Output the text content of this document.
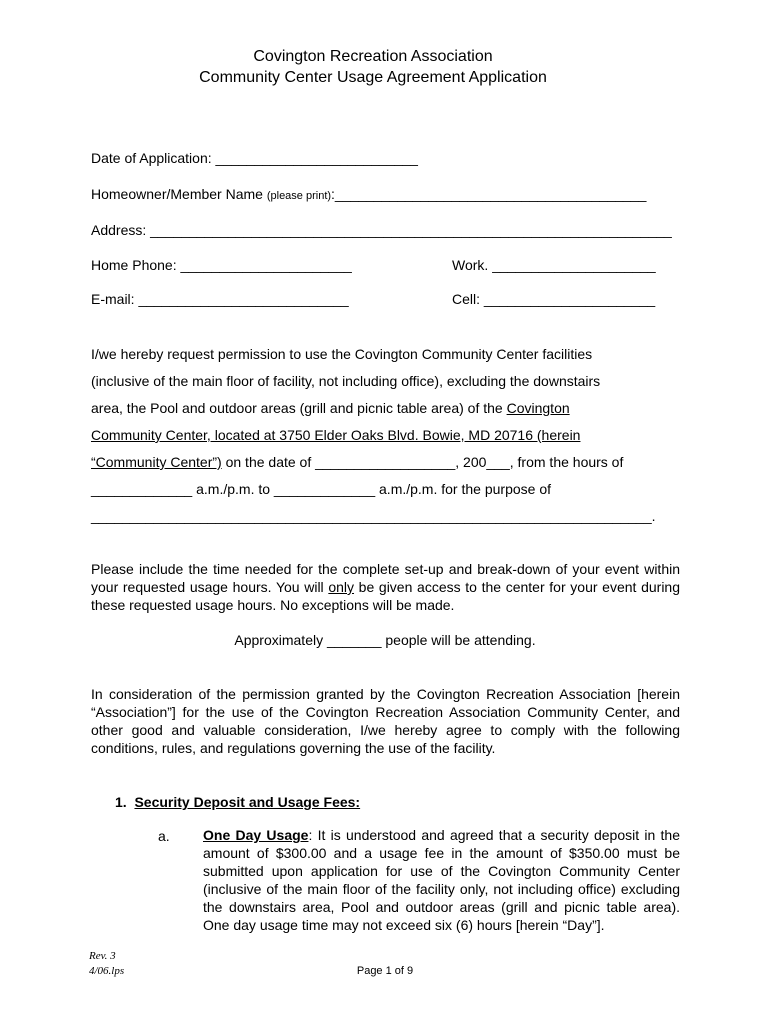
Covington Recreation Association
Community Center Usage Agreement Application
Date of Application: __________________________
Homeowner/Member Name (please print):________________________________________
Address: ___________________________________________________________________
Home Phone: ______________________	Work. _____________________
E-mail: ___________________________	Cell: ______________________
I/we hereby request permission to use the Covington Community Center facilities
(inclusive of the main floor of facility, not including office), excluding the downstairs
area, the Pool and outdoor areas (grill and picnic table area) of the Covington
Community Center, located at 3750 Elder Oaks Blvd. Bowie, MD 20716 (herein
“Community Center”) on the date of __________________, 200___, from the hours of
_____________ a.m./p.m. to _____________ a.m./p.m. for the purpose of
________________________________________________________________________.
Please include the time needed for the complete set-up and break-down of your event within your requested usage hours. You will only be given access to the center for your event during these requested usage hours. No exceptions will be made.
Approximately _______ people will be attending.
In consideration of the permission granted by the Covington Recreation Association [herein “Association”] for the use of the Covington Recreation Association Community Center, and other good and valuable consideration, I/we hereby agree to comply with the following conditions, rules, and regulations governing the use of the facility.
1. Security Deposit and Usage Fees:
a. One Day Usage: It is understood and agreed that a security deposit in the amount of $300.00 and a usage fee in the amount of $350.00 must be submitted upon application for use of the Covington Community Center (inclusive of the main floor of the facility only, not including office) excluding the downstairs area, Pool and outdoor areas (grill and picnic table area). One day usage time may not exceed six (6) hours [herein “Day”].
Rev. 3
4/06.lps	Page 1 of 9
